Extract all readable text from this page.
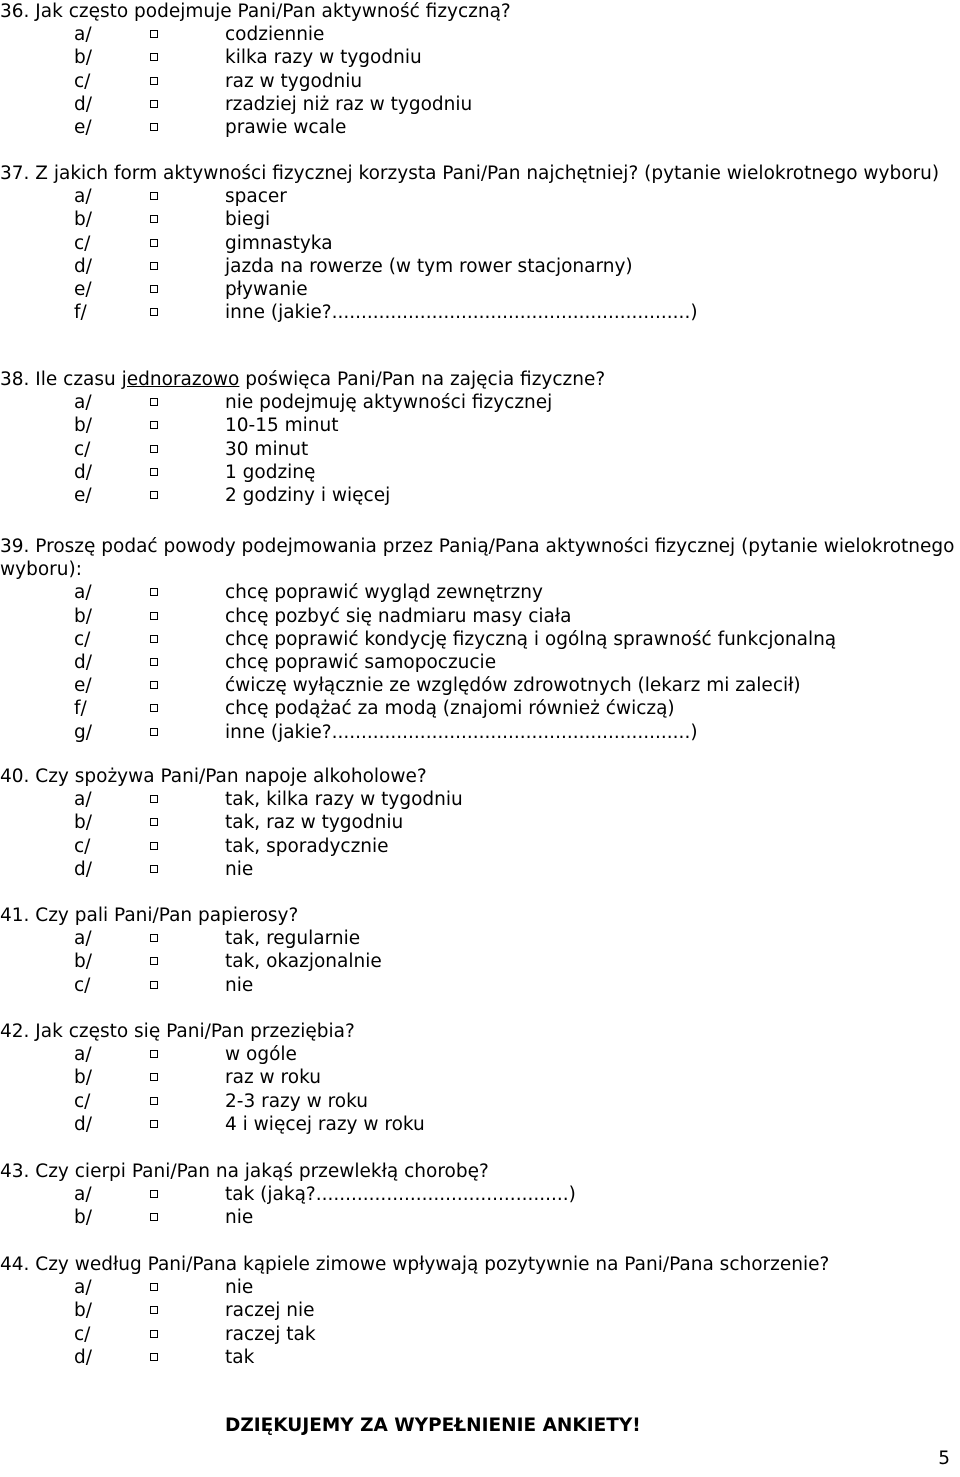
36. Jak często podejmuje Pani/Pan aktywność fizyczną?

a/	codziennie
b/	kilka razy w tygodniu
c/	raz w tygodniu
d/	rzadziej niż raz w tygodniu
e/	prawie wcale

37. Z jakich form aktywności fizycznej korzysta Pani/Pan najchętniej? (pytanie wielokrotnego wyboru)

a/	spacer
b/	biegi
c/	gimnastyka
d/	jazda na rowerze (w tym rower stacjonarny)
e/	pływanie
f/	inne (jakie?.............................................................)

38. Ile czasu jednorazowo poświęca Pani/Pan na zajęcia fizyczne?

a/	nie podejmuję aktywności fizycznej
b/	10-15 minut
c/	30 minut
d/	1 godzinę
e/	2 godziny i więcej

39. Proszę podać powody podejmowania przez Panią/Pana aktywności fizycznej (pytanie wielokrotnego wyboru):

a/	chcę poprawić wygląd zewnętrzny
b/	chcę pozbyć się nadmiaru masy ciała
c/	chcę poprawić kondycję fizyczną i ogólną sprawność funkcjonalną
d/	chcę poprawić samopoczucie
e/	ćwiczę wyłącznie ze względów zdrowotnych (lekarz mi zalecił)
f/	chcę podążać za modą (znajomi również ćwiczą)
g/	inne (jakie?.............................................................)

40. Czy spożywa Pani/Pan napoje alkoholowe?

a/	tak, kilka razy w tygodniu
b/	tak, raz w tygodniu
c/	tak, sporadycznie
d/	nie

41. Czy pali Pani/Pan papierosy?

a/	tak, regularnie
b/	tak, okazjonalnie
c/	nie

42. Jak często się Pani/Pan przeziębia?

a/	w ogóle
b/	raz w roku
c/	2-3 razy w roku
d/	4 i więcej razy w roku

43. Czy cierpi Pani/Pan na jakąś przewlekłą chorobę?

a/	tak (jaką?...........................................)
b/	nie

44. Czy według Pani/Pana kąpiele zimowe wpływają pozytywnie na Pani/Pana schorzenie?

a/	nie
b/	raczej nie
c/	raczej tak
d/	tak

DZIĘKUJEMY ZA WYPEŁNIENIE ANKIETY!

5
